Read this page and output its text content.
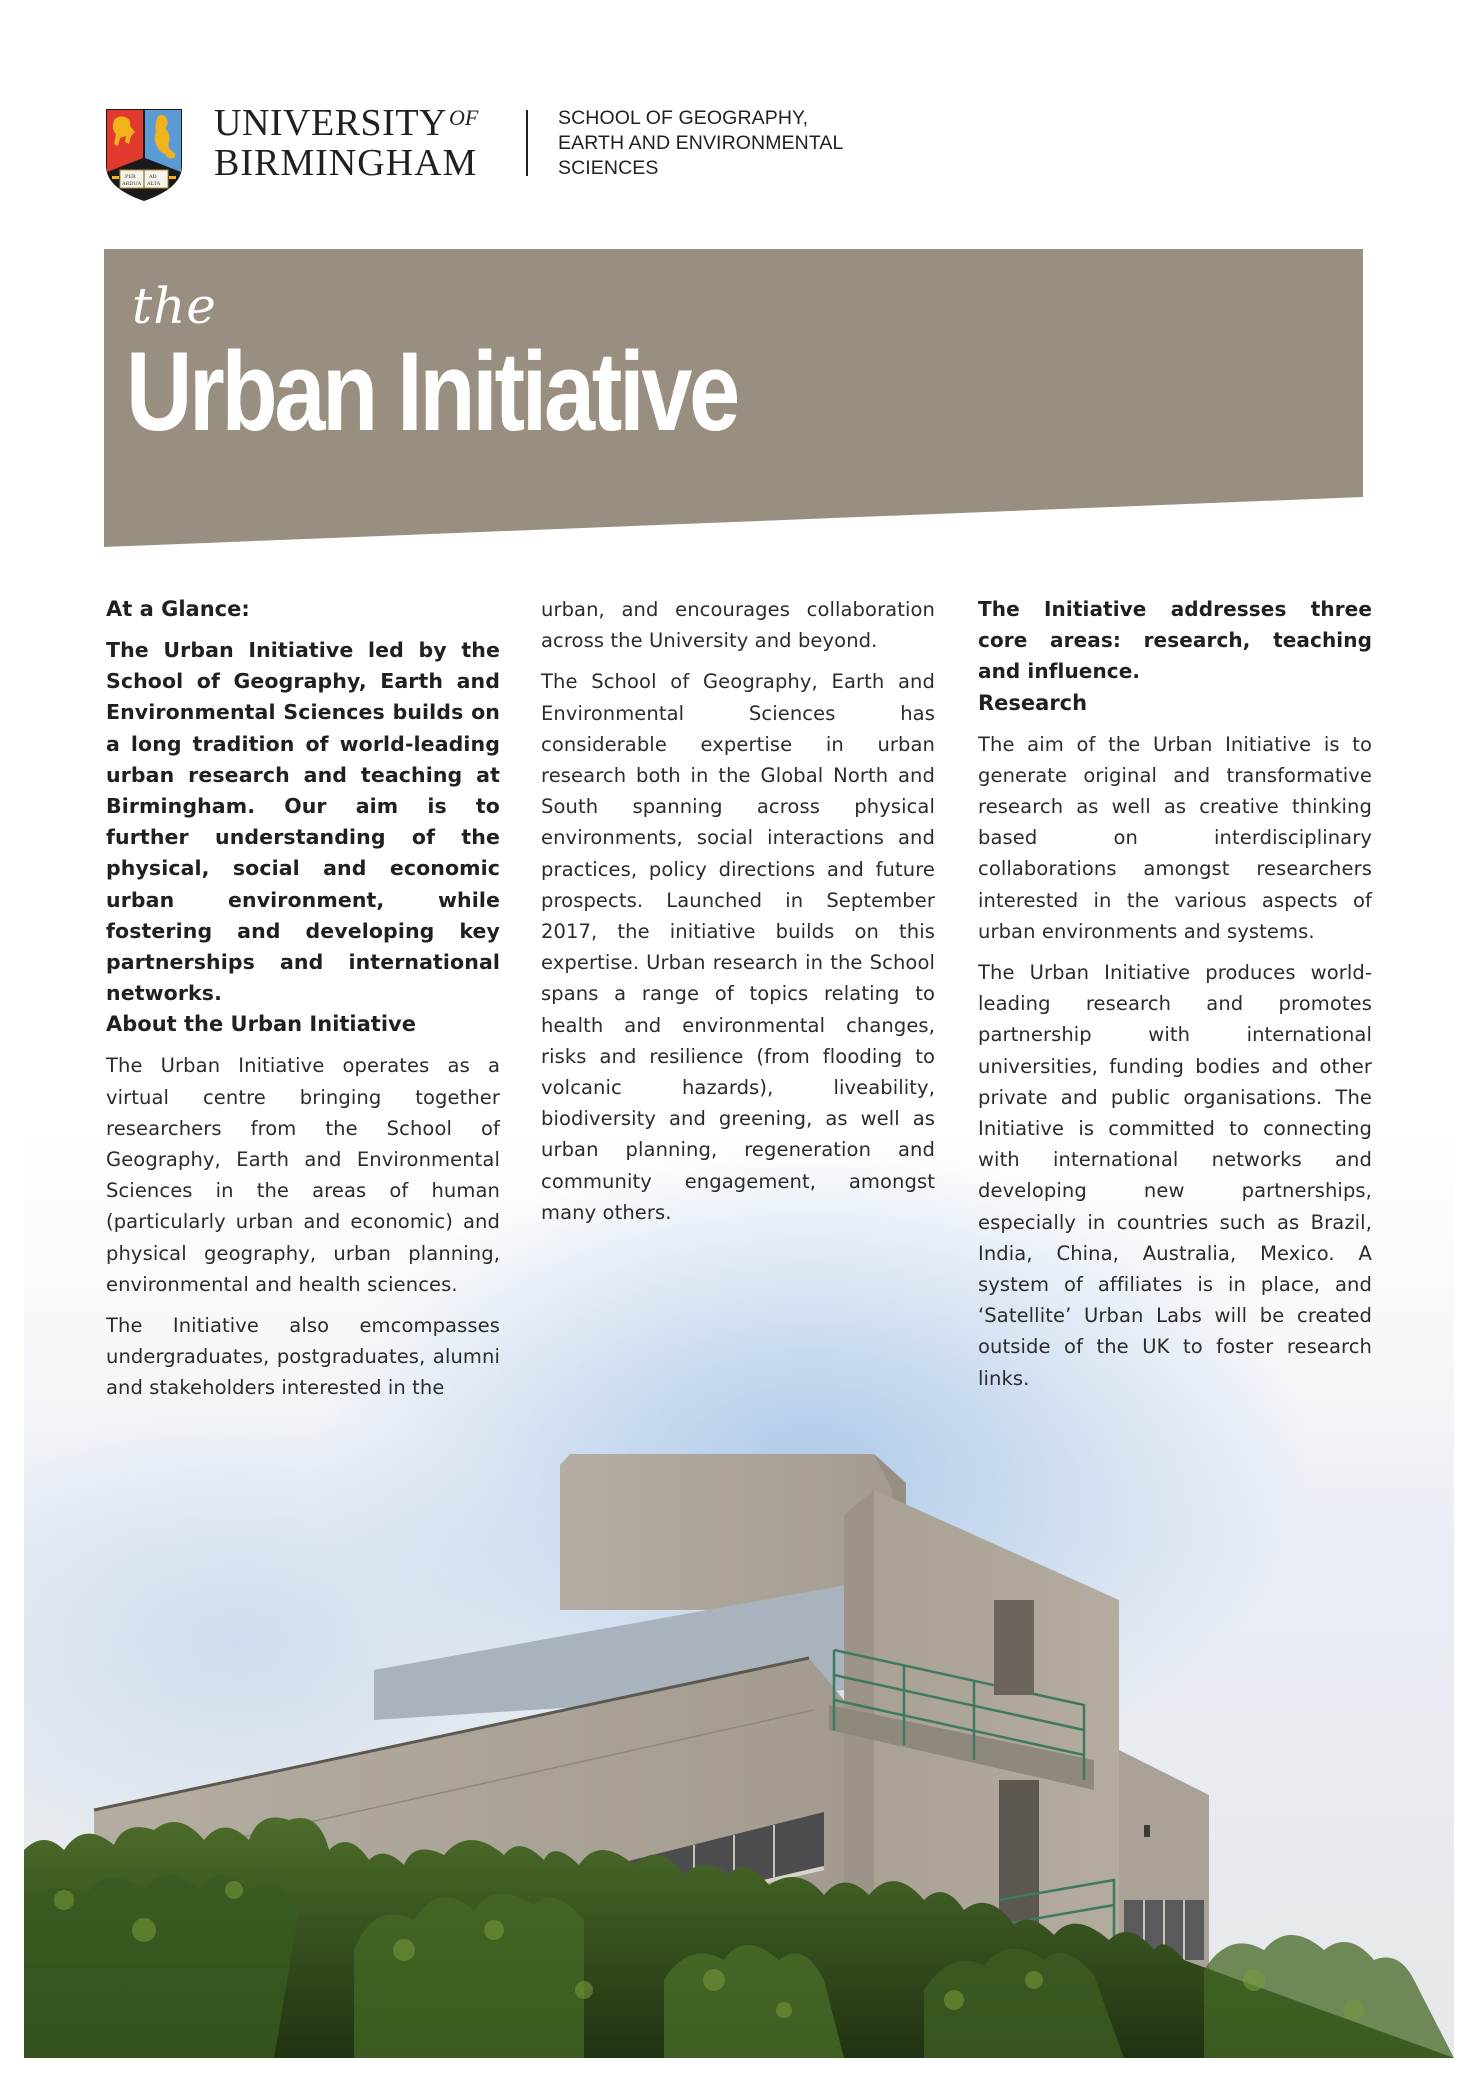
PER
ARDUA
AD
ALTA
UNIVERSITY OF
BIRMINGHAM
SCHOOL OF GEOGRAPHY,
EARTH AND ENVIRONMENTAL
SCIENCES
the
Urban Initiative
At a Glance:

The Urban Initiative led by the School of Geography, Earth and Environmental Sciences builds on a long tradition of world-leading urban research and teaching at Birmingham. Our aim is to further understanding of the physical, social and economic urban environment, while fostering and developing key partnerships and international networks.

About the Urban Initiative

The Urban Initiative operates as a virtual centre bringing together researchers from the School of Geography, Earth and Environmental Sciences in the areas of human (particularly urban and economic) and physical geography, urban planning, environmental and health sciences.

The Initiative also emcompasses undergraduates, postgraduates, alumni and stakeholders interested in the

urban, and encourages collaboration across the University and beyond.

The School of Geography, Earth and Environmental Sciences has considerable expertise in urban research both in the Global North and South spanning across physical environments, social interactions and practices, policy directions and future prospects. Launched in September 2017, the initiative builds on this expertise. Urban research in the School spans a range of topics relating to health and environmental changes, risks and resilience (from flooding to volcanic hazards), liveability, biodiversity and greening, as well as urban planning, regeneration and community engagement, amongst many others.

The Initiative addresses three core areas: research, teaching and influence.

Research

The aim of the Urban Initiative is to generate original and transformative research as well as creative thinking based on interdisciplinary collaborations amongst researchers interested in the various aspects of urban environments and systems.

The Urban Initiative produces world-leading research and promotes partnership with international universities, funding bodies and other private and public organisations. The Initiative is committed to connecting with international networks and developing new partnerships, especially in countries such as Brazil, India, China, Australia, Mexico. A system of affiliates is in place, and ‘Satellite’ Urban Labs will be created outside of the UK to foster research links.
